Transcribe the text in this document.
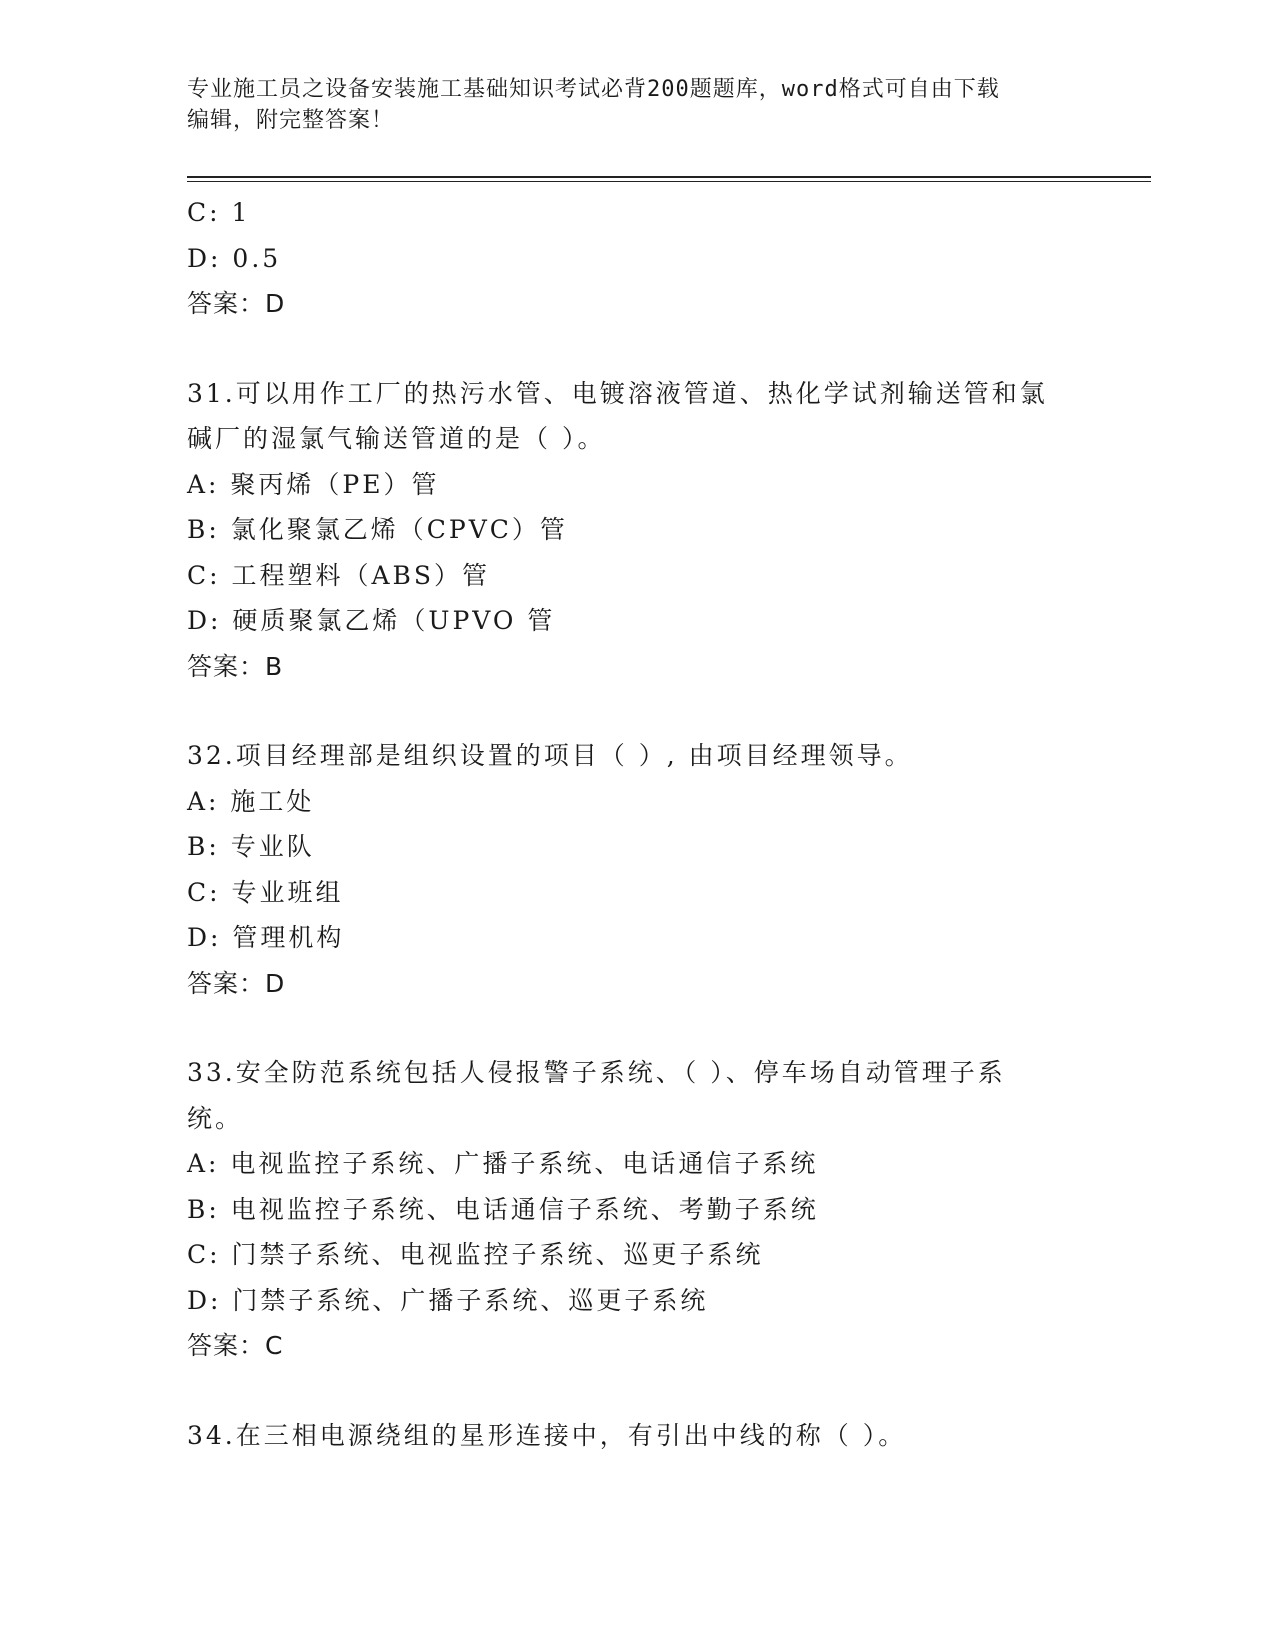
专业施工员之设备安装施工基础知识考试必背200题题库，word格式可自由下载
编辑，附完整答案！
C: 1
D: 0.5
答案：D
31.可以用作工厂的热污水管、电镀溶液管道、热化学试剂输送管和氯
碱厂的湿氯气输送管道的是（ ）。
A: 聚丙烯（PE）管
B: 氯化聚氯乙烯（CPVC）管
C: 工程塑料（ABS）管
D: 硬质聚氯乙烯（UPVO 管
答案：B
32.项目经理部是组织设置的项目（ ）, 由项目经理领导。
A: 施工处
B: 专业队
C: 专业班组
D: 管理机构
答案：D
33.安全防范系统包括人侵报警子系统、（ ）、停车场自动管理子系
统。
A: 电视监控子系统、广播子系统、电话通信子系统
B: 电视监控子系统、电话通信子系统、考勤子系统
C: 门禁子系统、电视监控子系统、巡更子系统
D: 门禁子系统、广播子系统、巡更子系统
答案：C
34.在三相电源绕组的星形连接中，有引出中线的称（ ）。
